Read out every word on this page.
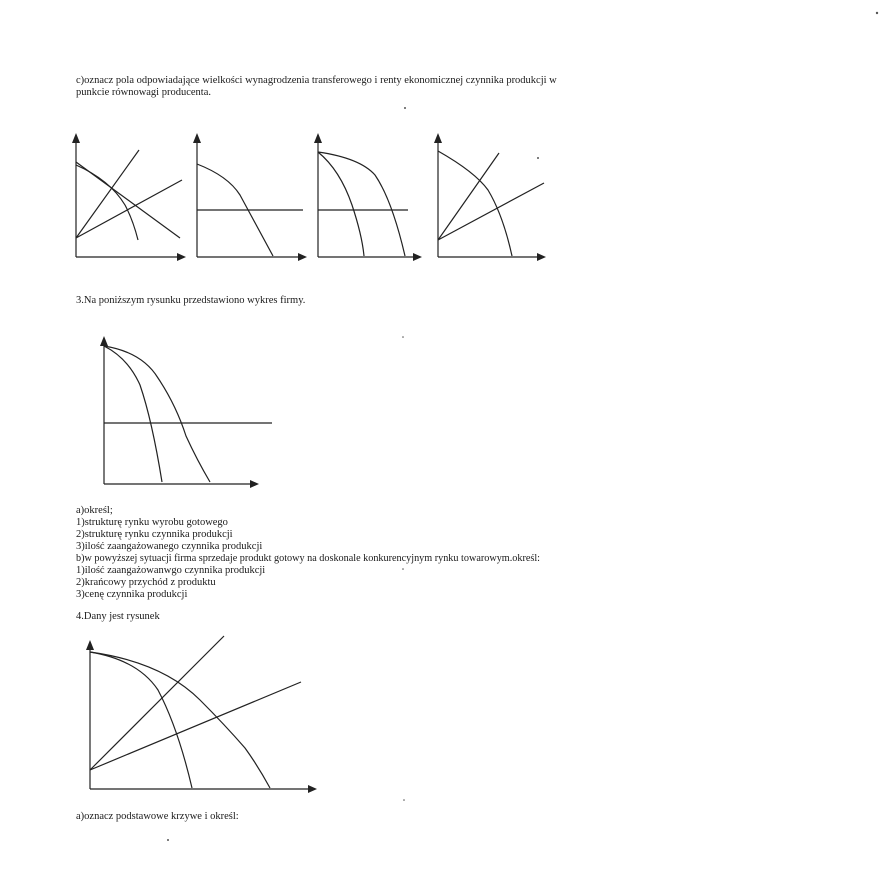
c)oznacz pola odpowiadające wielkości wynagrodzenia transferowego i renty ekonomicznej czynnika produkcji w
punkcie równowagi producenta.
3.Na poniższym rysunku przedstawiono wykres firmy.
a)określ;
1)strukturę rynku wyrobu gotowego
2)strukturę rynku czynnika produkcji
3)ilość zaangażowanego czynnika produkcji
b)w powyższej sytuacji firma sprzedaje produkt gotowy na doskonale konkurencyjnym rynku towarowym.określ:
1)ilość zaangażowanwgo czynnika produkcji
2)krańcowy przychód z produktu
3)cenę czynnika produkcji
4.Dany jest rysunek
a)oznacz podstawowe krzywe i określ:
